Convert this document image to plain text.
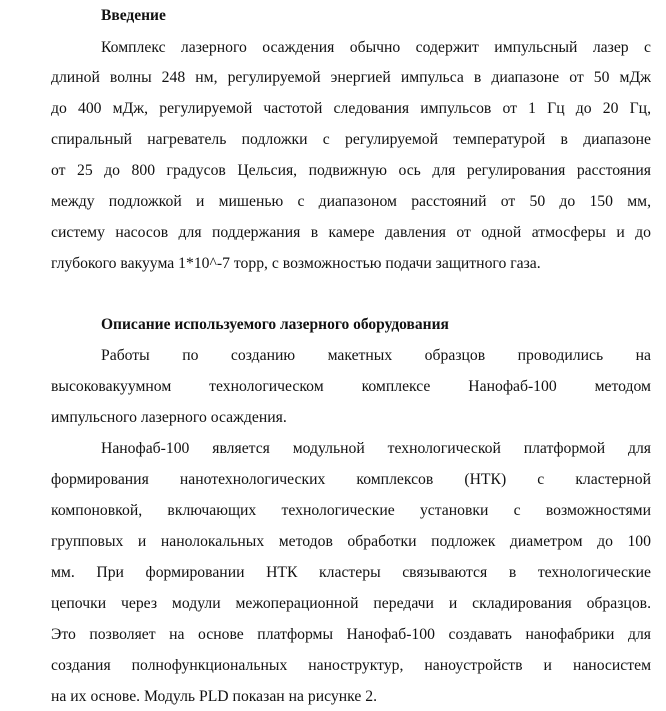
Введение
Комплекс лазерного осаждения обычно содержит импульсный лазер с
длиной волны 248 нм, регулируемой энергией импульса в диапазоне от 50 мДж
до 400 мДж, регулируемой частотой следования импульсов от 1 Гц до 20 Гц,
спиральный нагреватель подложки с регулируемой температурой в диапазоне
от 25 до 800 градусов Цельсия, подвижную ось для регулирования расстояния
между подложкой и мишенью с диапазоном расстояний от 50 до 150 мм,
систему насосов для поддержания в камере давления от одной атмосферы и до
глубокого вакуума 1*10^-7 торр, с возможностью подачи защитного газа.
Описание используемого лазерного оборудования
Работы по созданию макетных образцов проводились на
высоковакуумном технологическом комплексе Нанофаб-100 методом
импульсного лазерного осаждения.
Нанофаб-100 является модульной технологической платформой для
формирования нанотехнологических комплексов (НТК) с кластерной
компоновкой, включающих технологические установки с возможностями
групповых и нанолокальных методов обработки подложек диаметром до 100
мм. При формировании НТК кластеры связываются в технологические
цепочки через модули межоперационной передачи и складирования образцов.
Это позволяет на основе платформы Нанофаб-100 создавать нанофабрики для
создания полнофункциональных наноструктур, наноустройств и наносистем
на их основе. Модуль PLD показан на рисунке 2.
